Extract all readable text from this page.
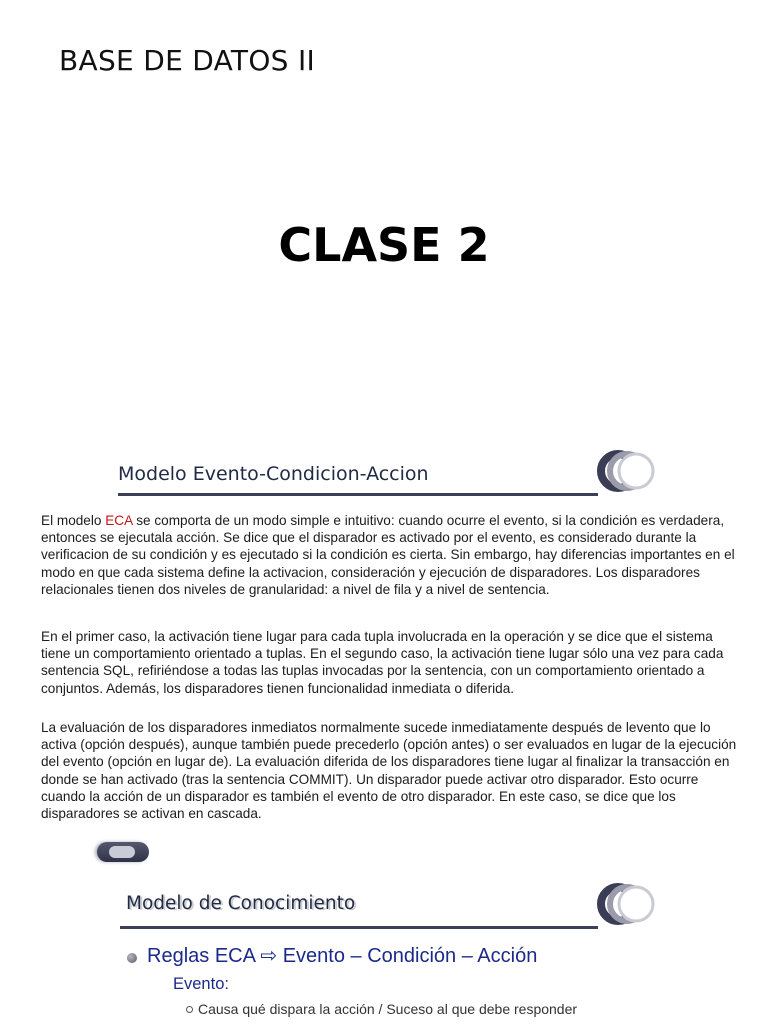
BASE DE DATOS II
CLASE 2
Modelo Evento-Condicion-Accion

El modelo ECA se comporta de un modo simple e intuitivo: cuando ocurre el evento, si la condición es verdadera, entonces se ejecutala acción. Se dice que el disparador es activado por el evento, es considerado durante la verificacion de su condición y es ejecutado si la condición es cierta. Sin embargo, hay diferencias importantes en el modo en que cada sistema define la activacion, consideración y ejecución de disparadores. Los disparadores relacionales tienen dos niveles de granularidad: a nivel de fila y a nivel de sentencia.

En el primer caso, la activación tiene lugar para cada tupla involucrada en la operación y se dice que el sistema tiene un comportamiento orientado a tuplas. En el segundo caso, la activación tiene lugar sólo una vez para cada sentencia SQL, refiriéndose a todas las tuplas invocadas por la sentencia, con un comportamiento orientado a conjuntos. Además, los disparadores tienen funcionalidad inmediata o diferida.

La evaluación de los disparadores inmediatos normalmente sucede inmediatamente después de levento que lo activa (opción después), aunque también puede precederlo (opción antes) o ser evaluados en lugar de la ejecución del evento (opción en lugar de). La evaluación diferida de los disparadores tiene lugar al finalizar la transacción en donde se han activado (tras la sentencia COMMIT). Un disparador puede activar otro disparador. Esto ocurre cuando la acción de un disparador es también el evento de otro disparador. En este caso, se dice que los disparadores se activan en cascada.

Modelo de Conocimiento

Reglas ECA ⇨ Evento – Condición – Acción

Evento:

Causa qué dispara la acción / Suceso al que debe responder
